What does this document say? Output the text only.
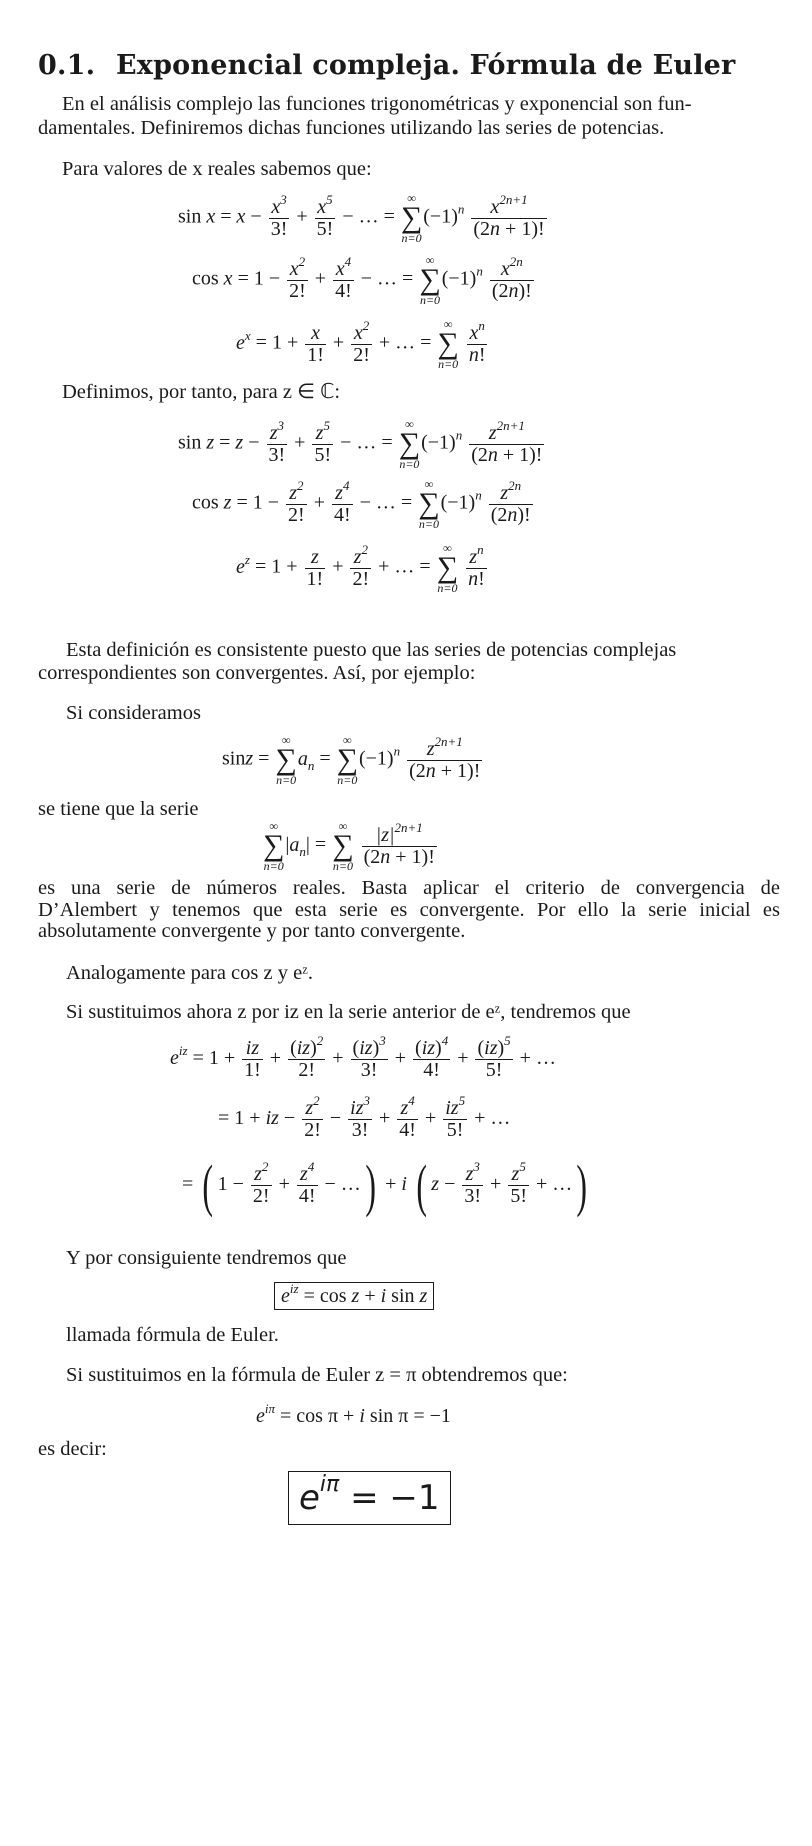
0.1. Exponencial compleja. Fórmula de Euler
En el análisis complejo las funciones trigonométricas y exponencial son fun-
damentales. Definiremos dichas funciones utilizando las series de potencias.
Para valores de x reales sabemos que:
$\sin x = x - \frac{x^3}{3!} + \frac{x^5}{5!}$ − … =
∞
∑
n=0
$(-1)^n \frac{x^{2n+1}}{(2n + 1)!}$
$\cos x = 1 - \frac{x^2}{2!} + \frac{x^4}{4!}$ − … =
∞
∑
n=0
$(-1)^n \frac{x^{2n}}{(2n)!}$
$e^x = 1 + \frac{x}{1!} + \frac{x^2}{2!}$ + … =
∞
∑
n=0
$\frac{x^n}{n!}$
Definimos, por tanto, para z ∈ ℂ:
$\sin z = z - \frac{z^3}{3!} + \frac{z^5}{5!}$ − … =
∞
∑
n=0
$(-1)^n \frac{z^{2n+1}}{(2n + 1)!}$
$\cos z = 1 - \frac{z^2}{2!} + \frac{z^4}{4!}$ − … =
∞
∑
n=0
$(-1)^n \frac{z^{2n}}{(2n)!}$
$e^z = 1 + \frac{z}{1!} + \frac{z^2}{2!}$ + … =
∞
∑
n=0
$\frac{z^n}{n!}$
Esta definición es consistente puesto que las series de potencias complejas
correspondientes son convergentes. Así, por ejemplo:
Si consideramos
sinz =
∞
∑
n=0
$a_n$ =
∞
∑
n=0
$(-1)^n \frac{z^{2n+1}}{(2n + 1)!}$
se tiene que la serie
∞
∑
n=0
$|a_n|$ =
∞
∑
n=0
$\frac{|z|^{2n+1}}{(2n + 1)!}$
es una serie de números reales. Basta aplicar el criterio de convergencia de
D’Alembert y tenemos que esta serie es convergente. Por ello la serie inicial es
absolutamente convergente y por tanto convergente.
Analogamente para cos z y eᶻ.
Si sustituimos ahora z por iz en la serie anterior de eᶻ, tendremos que
$e^{iz} = 1 + \frac{iz}{1!} + \frac{(iz)^2}{2!} + \frac{(iz)^3}{3!} + \frac{(iz)^4}{4!} + \frac{(iz)^5}{5!}$ + …
= 1 + iz − $\frac{z^2}{2!} - \frac{iz^3}{3!} + \frac{z^4}{4!} + \frac{iz^5}{5!}$ + …
= ( $1 - \frac{z^2}{2!} + \frac{z^4}{4!}$ − …) + i ( $z - \frac{z^3}{3!} + \frac{z^5}{5!}$ + …)
Y por consiguiente tendremos que
$e^{iz} = \cos z + i$ sin z
llamada fórmula de Euler.
Si sustituimos en la fórmula de Euler z = π obtendremos que:
$e^{i\pi} = \cos \pi + i$ sin π = −1
es decir:
$e^{i\pi} = -1$
